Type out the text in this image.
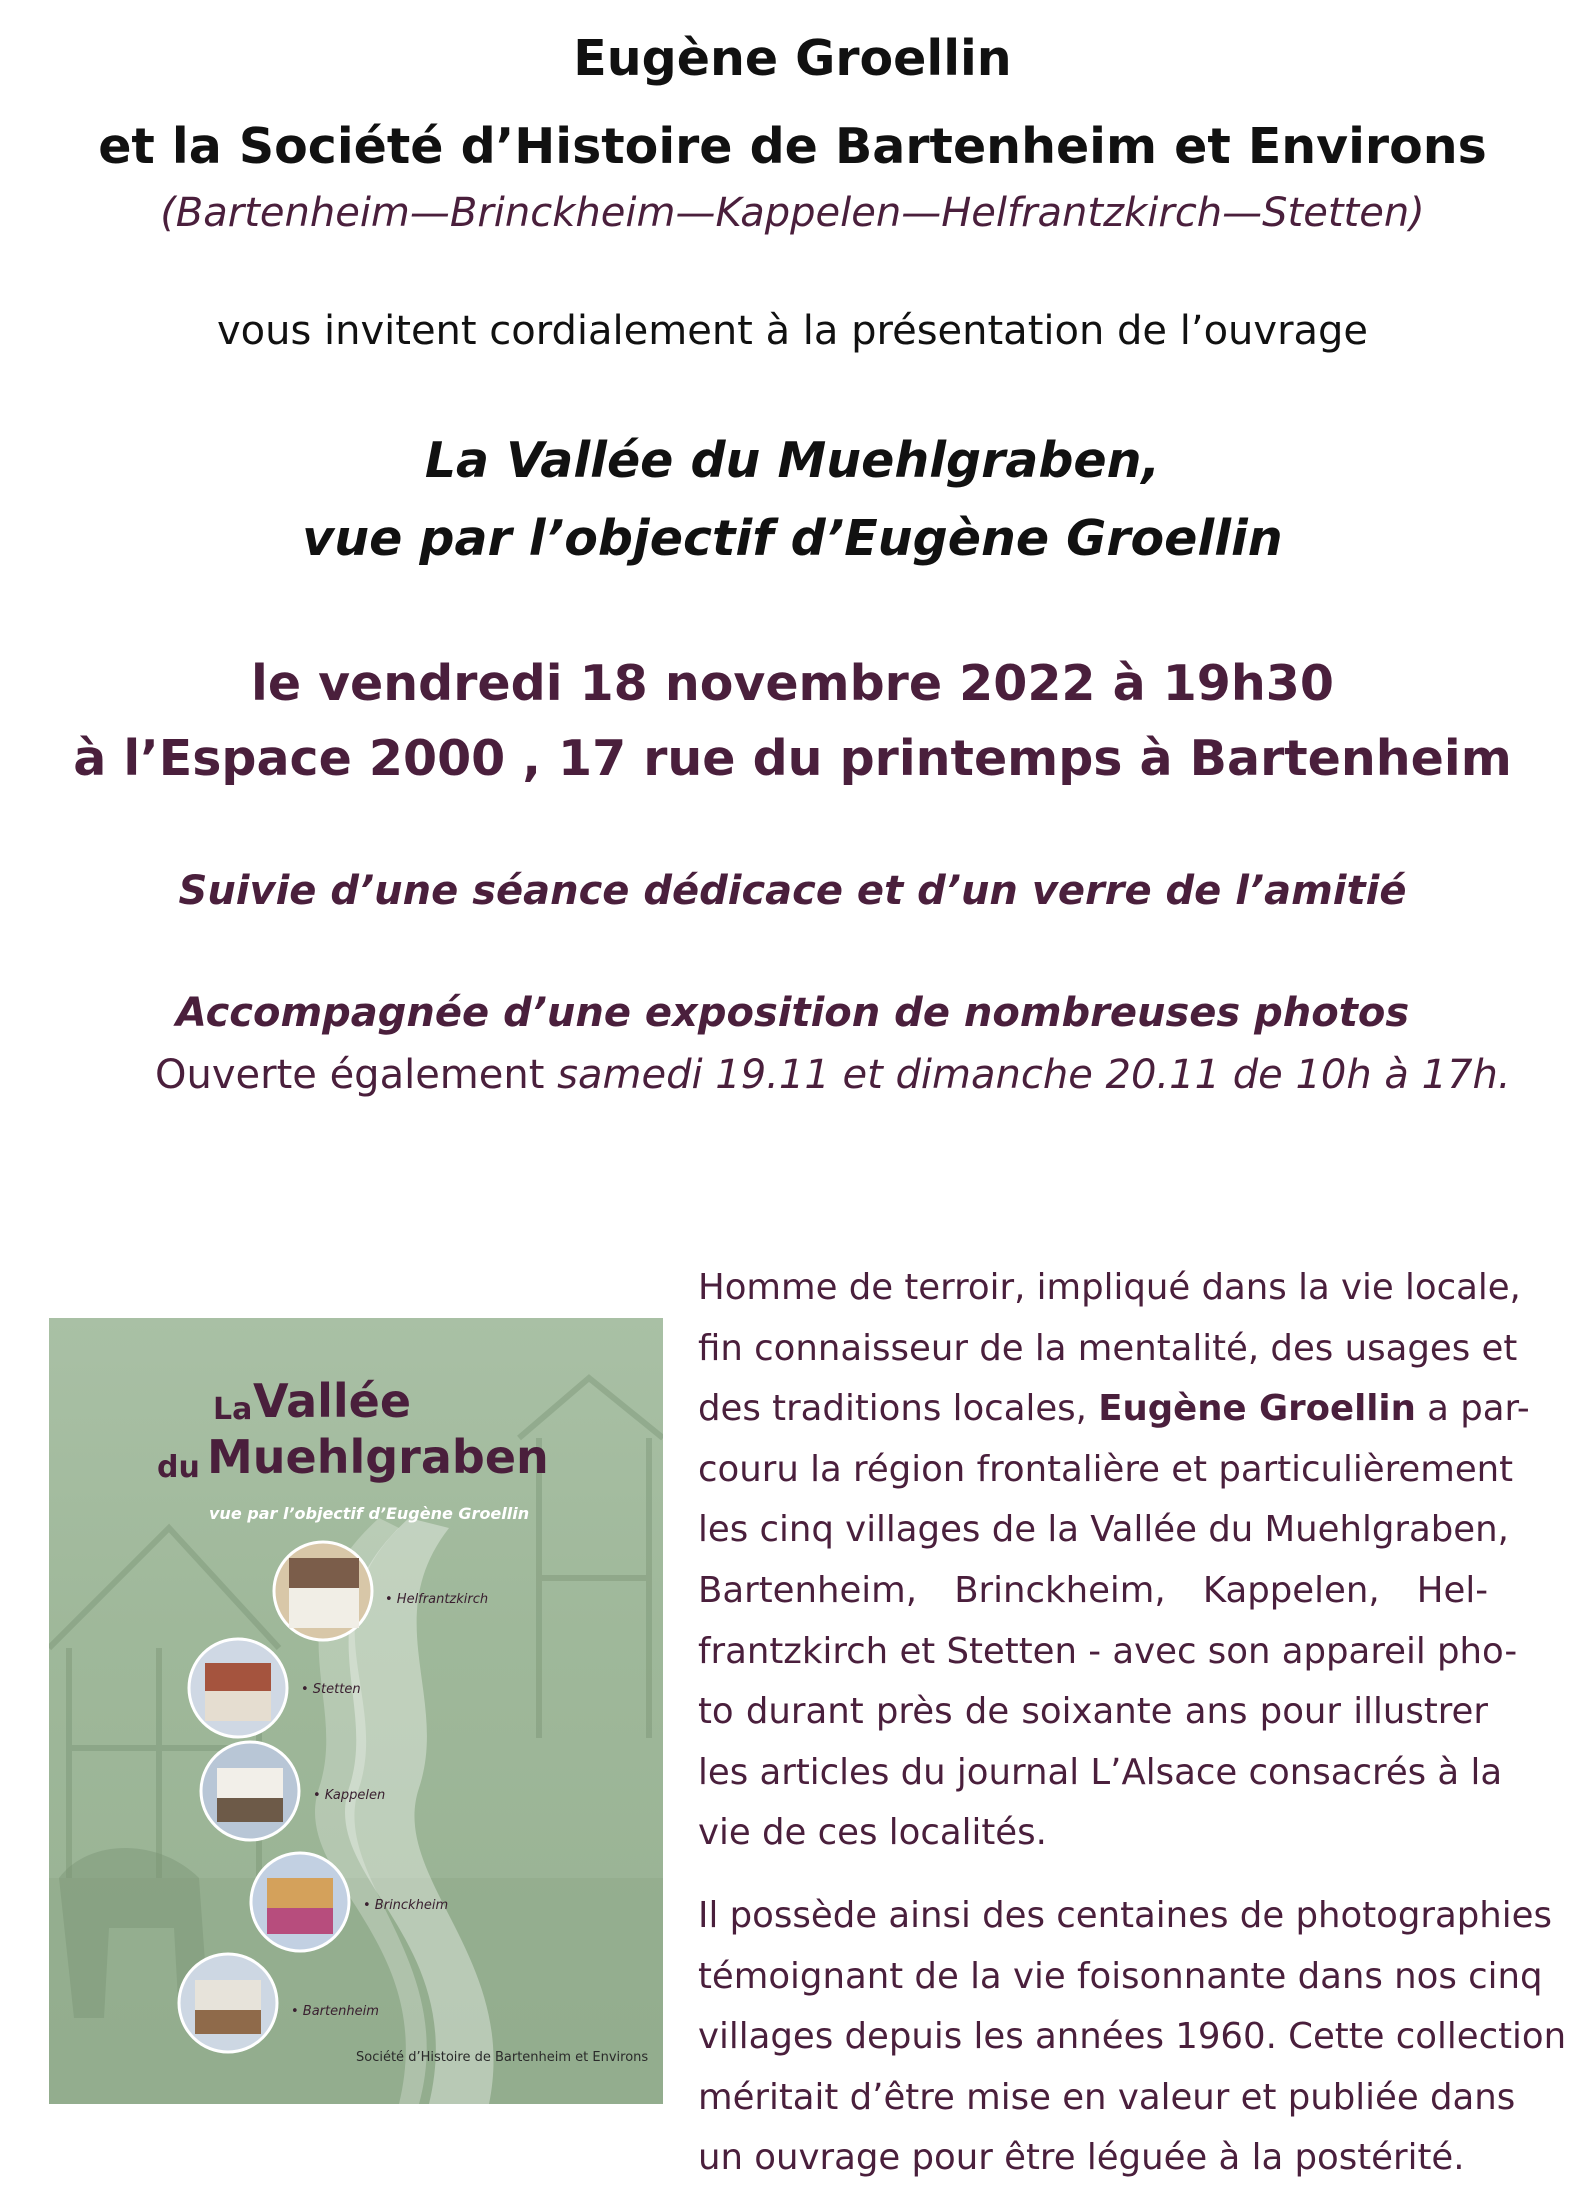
Eugène Groellin
et la Société d’Histoire de Bartenheim et Environs
(Bartenheim—Brinckheim—Kappelen—Helfrantzkirch—Stetten)
vous invitent cordialement à la présentation de l’ouvrage
La Vallée du Muehlgraben,
vue par l’objectif d’Eugène Groellin
le vendredi 18 novembre 2022 à 19h30
à l’Espace 2000 , 17 rue du printemps à Bartenheim
Suivie d’une séance dédicace et d’un verre de l’amitié
Accompagnée d’une exposition de nombreuses photos
Ouverte également samedi 19.11 et dimanche 20.11 de 10h à 17h.
La Vallée
du Muehlgraben
vue par l’objectif d’Eugène Groellin
• Helfrantzkirch
• Stetten
• Kappelen
• Brinckheim
• Bartenheim
Société d’Histoire de Bartenheim et Environs

Homme de terroir, impliqué dans la vie locale,
fin connaisseur de la mentalité, des usages et
des traditions locales, Eugène Groellin a par-
couru la région frontalière et particulièrement
les cinq villages de la Vallée du Muehlgraben,
Bartenheim, Brinckheim, Kappelen, Hel-
frantzkirch et Stetten - avec son appareil pho-
to durant près de soixante ans pour illustrer
les articles du journal L’Alsace consacrés à la
vie de ces localités.

Il possède ainsi des centaines de photographies
témoignant de la vie foisonnante dans nos cinq
villages depuis les années 1960. Cette collection
méritait d’être mise en valeur et publiée dans
un ouvrage pour être léguée à la postérité.
